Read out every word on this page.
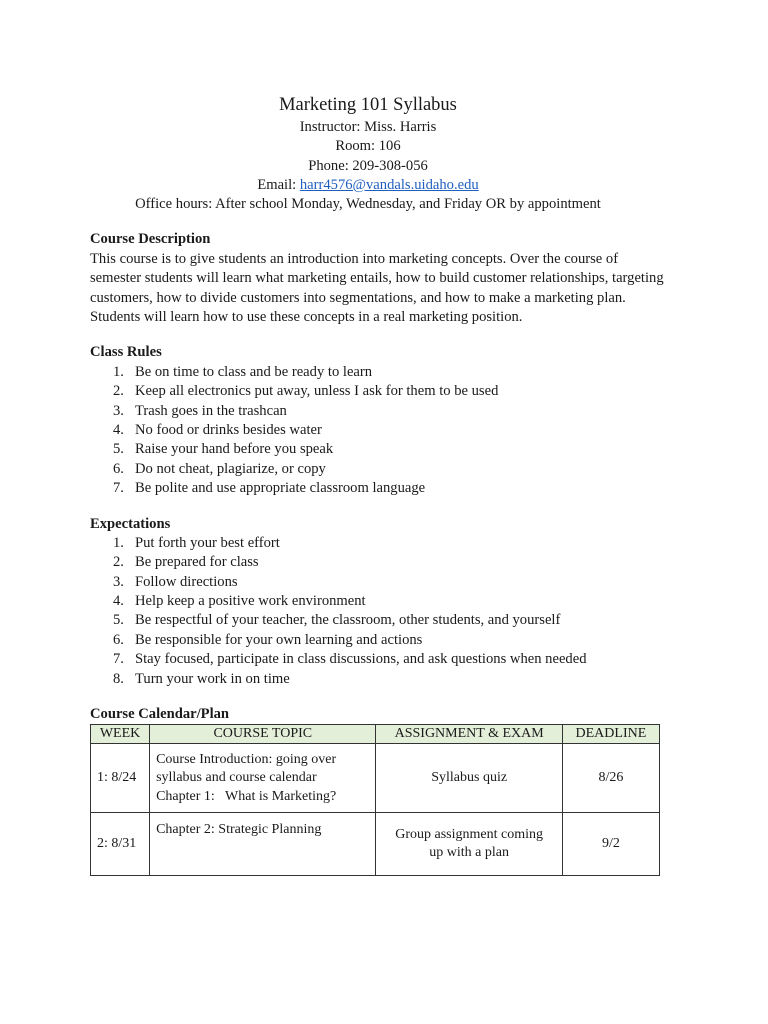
Marketing 101 Syllabus

Instructor: Miss. Harris

Room: 106

Phone: 209-308-056

Email: harr4576@vandals.uidaho.edu

Office hours: After school Monday, Wednesday, and Friday OR by appointment

Course Description

This course is to give students an introduction into marketing concepts. Over the course of semester students will learn what marketing entails, how to build customer relationships, targeting customers, how to divide customers into segmentations, and how to make a marketing plan. Students will learn how to use these concepts in a real marketing position.

Class Rules

1. Be on time to class and be ready to learn
2. Keep all electronics put away, unless I ask for them to be used
3. Trash goes in the trashcan
4. No food or drinks besides water
5. Raise your hand before you speak
6. Do not cheat, plagiarize, or copy
7. Be polite and use appropriate classroom language

Expectations

1. Put forth your best effort
2. Be prepared for class
3. Follow directions
4. Help keep a positive work environment
5. Be respectful of your teacher, the classroom, other students, and yourself
6. Be responsible for your own learning and actions
7. Stay focused, participate in class discussions, and ask questions when needed
8. Turn your work in on time

Course Calendar/Plan

WEEK	COURSE TOPIC	ASSIGNMENT & EXAM	DEADLINE
1: 8/24	Course Introduction: going over
syllabus and course calendar
Chapter 1:   What is Marketing?	Syllabus quiz	8/26
2: 8/31	Chapter 2: Strategic Planning	Group assignment coming
up with a plan	9/2
